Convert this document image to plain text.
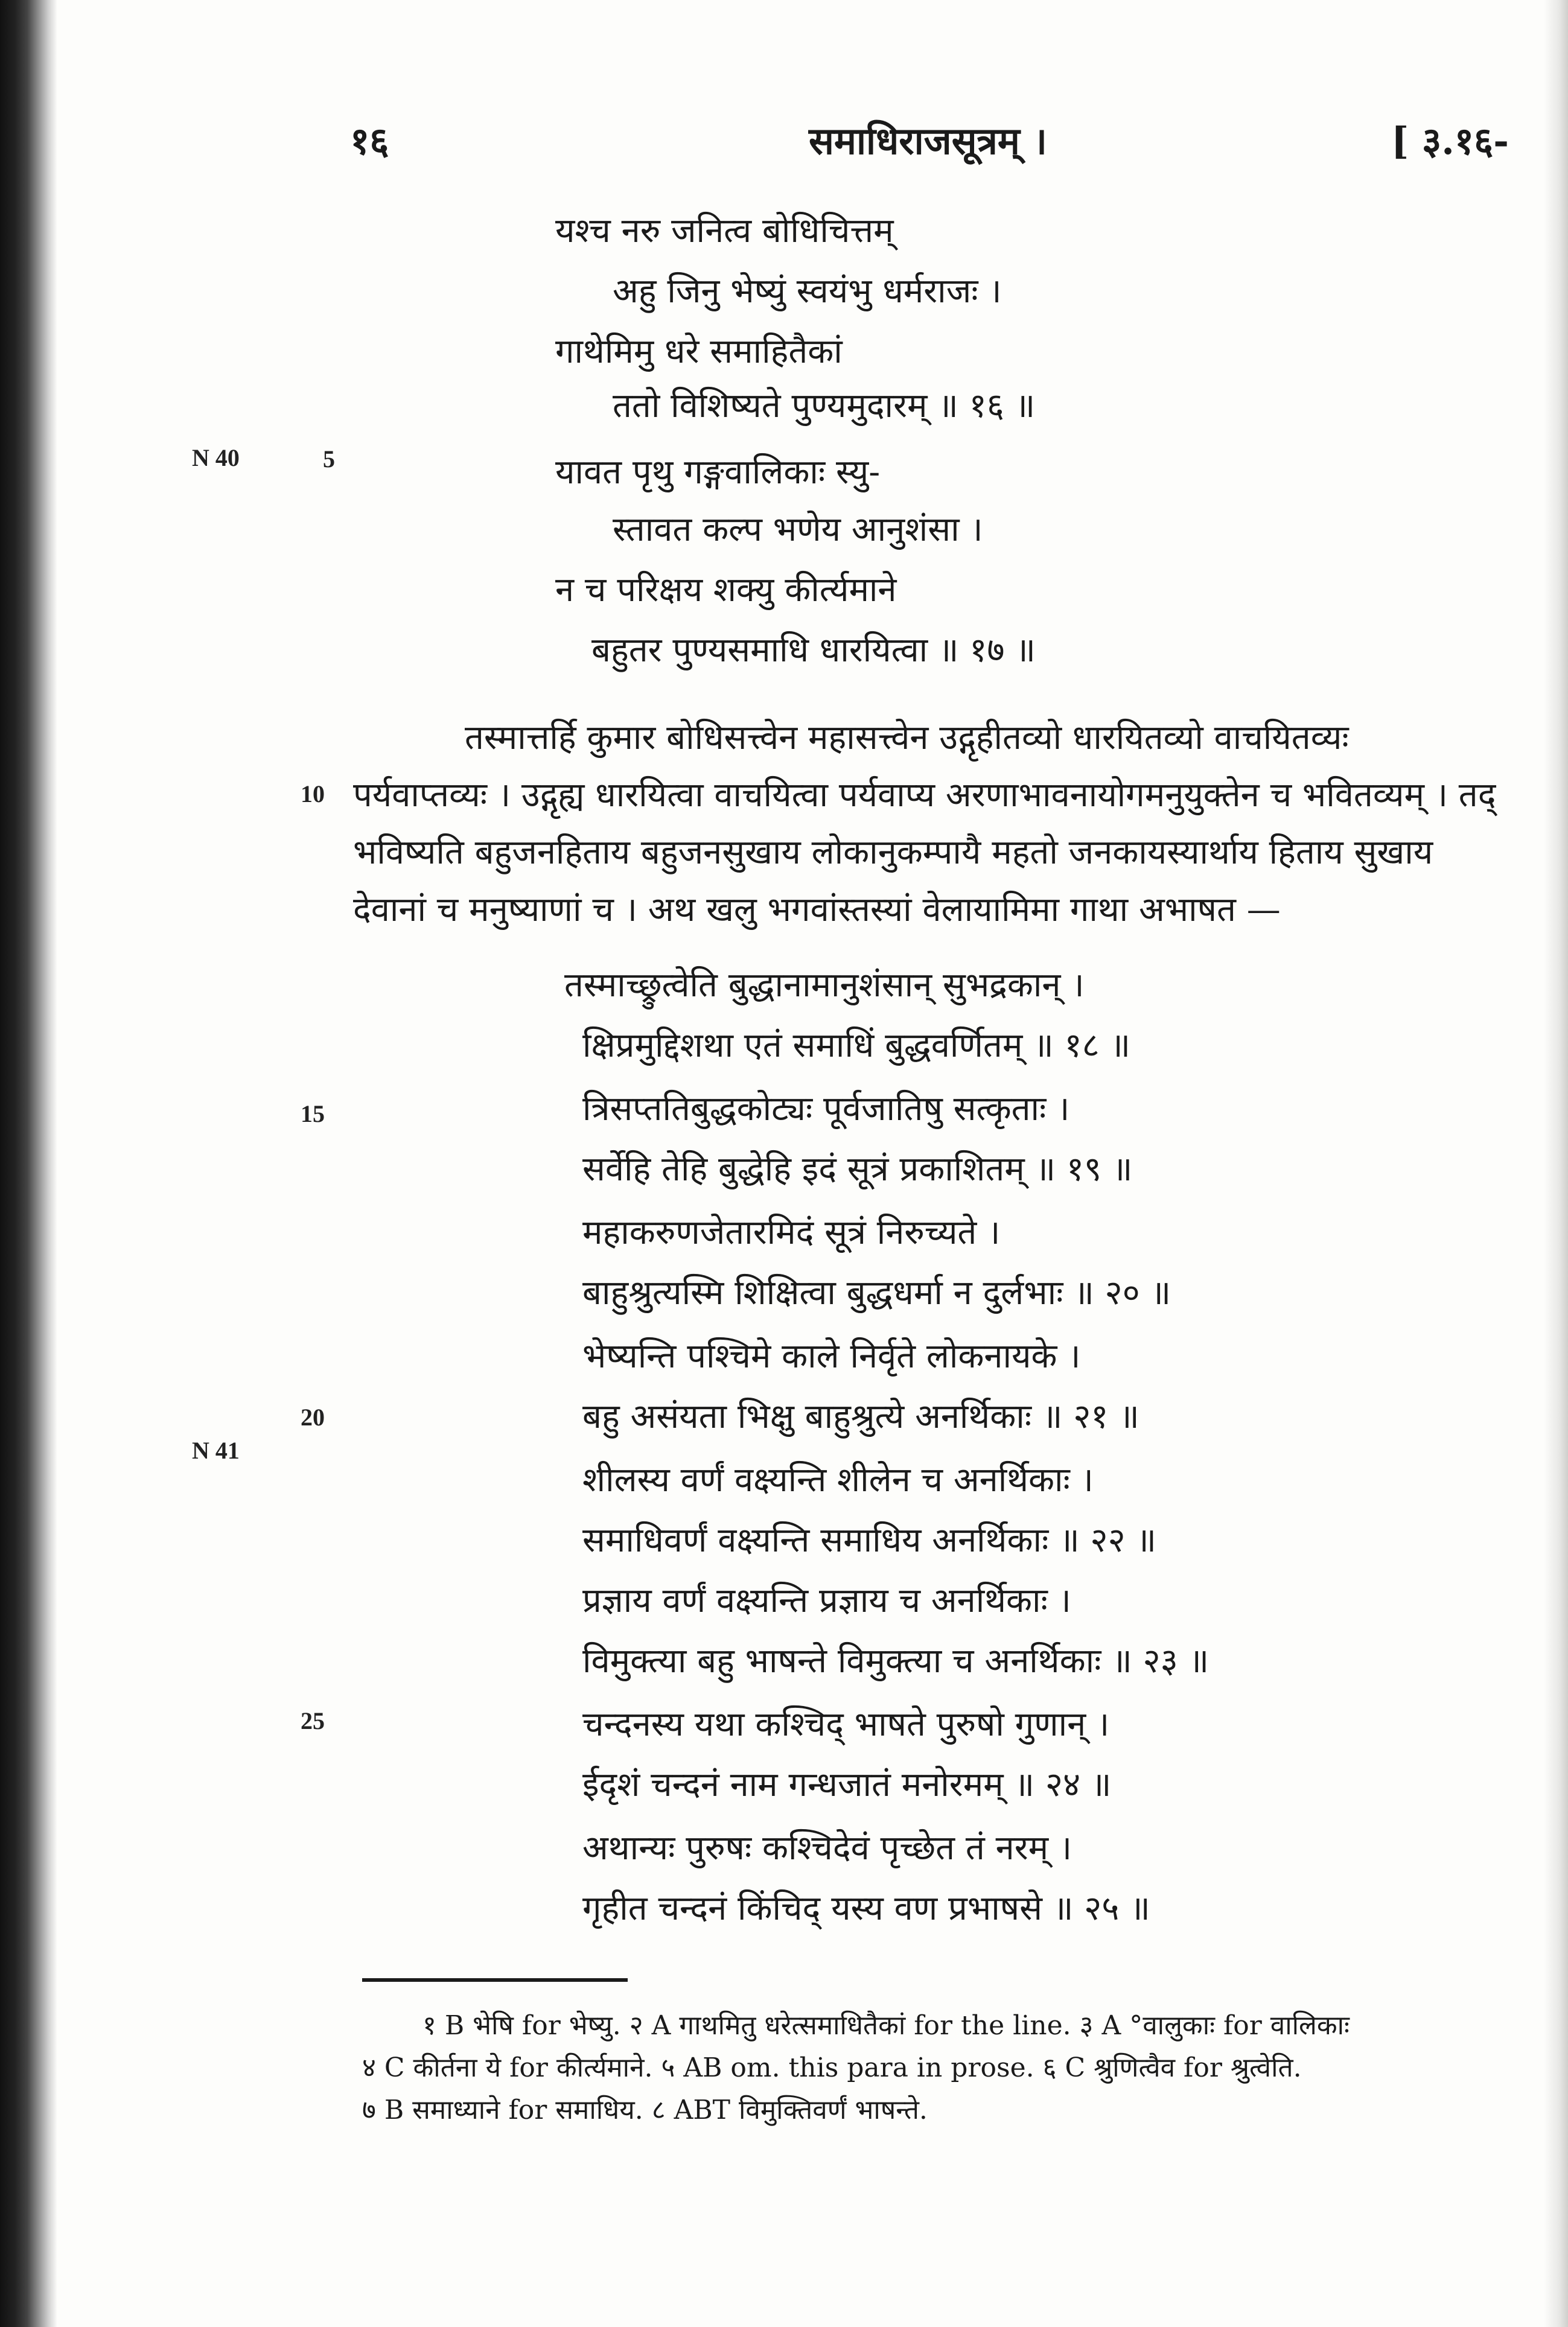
१६	समाधिराजसूत्रम् ।	[ ३.१६-
N 40	5
10
15
20
N 41
25
यश्च नरु जनित्व बोधिचित्तम्
अहु जिनु भेष्युं स्वयंभु धर्मराजः ।
गाथेमिमु धरे समाहितैकां
ततो विशिष्यते पुण्यमुदारम् ॥ १६ ॥
यावत पृथु गङ्गवालिकाः स्यु-
स्तावत कल्प भणेय आनुशंसा ।
न च परिक्षय शक्यु कीर्त्यमाने
बहुतर पुण्यसमाधि धारयित्वा ॥ १७ ॥
तस्मात्तर्हि कुमार बोधिसत्त्वेन महासत्त्वेन उद्गृहीतव्यो धारयितव्यो वाचयितव्यः
पर्यवाप्तव्यः । उद्गृह्य धारयित्वा वाचयित्वा पर्यवाप्य अरणाभावनायोगमनुयुक्तेन च भवितव्यम् । तद्
भविष्यति बहुजनहिताय बहुजनसुखाय लोकानुकम्पायै महतो जनकायस्यार्थाय हिताय सुखाय
देवानां च मनुष्याणां च । अथ खलु भगवांस्तस्यां वेलायामिमा गाथा अभाषत —
तस्माच्छ्रुत्वेति बुद्धानामानुशंसान् सुभद्रकान् ।
क्षिप्रमुद्दिशथा एतं समाधिं बुद्धवर्णितम् ॥ १८ ॥
त्रिसप्ततिबुद्धकोट्यः पूर्वजातिषु सत्कृताः ।
सर्वेहि तेहि बुद्धेहि इदं सूत्रं प्रकाशितम् ॥ १९ ॥
महाकरुणजेतारमिदं सूत्रं निरुच्यते ।
बाहुश्रुत्यस्मि शिक्षित्वा बुद्धधर्मा न दुर्लभाः ॥ २० ॥
भेष्यन्ति पश्चिमे काले निर्वृते लोकनायके ।
बहु असंयता भिक्षु बाहुश्रुत्ये अनर्थिकाः ॥ २१ ॥
शीलस्य वर्णं वक्ष्यन्ति शीलेन च अनर्थिकाः ।
समाधिवर्णं वक्ष्यन्ति समाधिय अनर्थिकाः ॥ २२ ॥
प्रज्ञाय वर्णं वक्ष्यन्ति प्रज्ञाय च अनर्थिकाः ।
विमुक्त्या बहु भाषन्ते विमुक्त्या च अनर्थिकाः ॥ २३ ॥
चन्दनस्य यथा कश्चिद् भाषते पुरुषो गुणान् ।
ईदृशं चन्दनं नाम गन्धजातं मनोरमम् ॥ २४ ॥
अथान्यः पुरुषः कश्चिदेवं पृच्छेत तं नरम् ।
गृहीत चन्दनं किंचिद् यस्य वण प्रभाषसे ॥ २५ ॥
१ B भेषि for भेष्यु. २ A गाथमितु धरेत्समाधितैकां for the line. ३ A °वालुकाः for वालिकाः
४ C कीर्तना ये for कीर्त्यमाने. ५ AB om. this para in prose. ६ C श्रुणित्वैव for श्रुत्वेति.
७ B समाध्याने for समाधिय. ८ ABT विमुक्तिवर्णं भाषन्ते.
